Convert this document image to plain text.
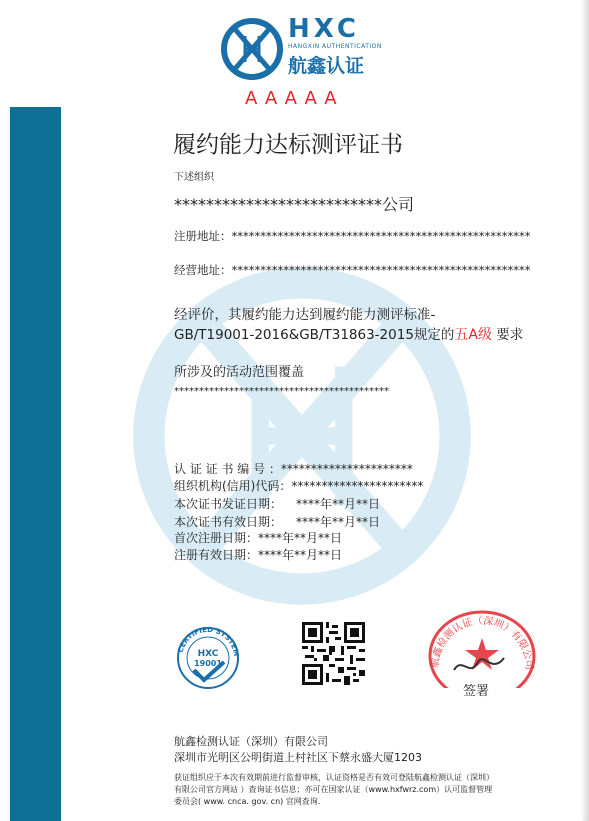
HXC
HANGXIN AUTHENTICATION
航鑫认证
AAAAA
履约能力达标测评证书
下述组织
**************************公司
注册地址：****************************************************
经营地址：****************************************************
经评价，其履约能力达到履约能力测评标准-
GB/T19001-2016&GB/T31863-2015规定的五A级 要求
所涉及的活动范围覆盖
*******************************************
认 证 证 书 编 号 ：**********************
组织机构(信用)代码：**********************
本次证书发证日期： ****年**月**日
本次证书有效日期： ****年**月**日
首次注册日期：****年**月**日
注册有效日期：****年**月**日
CERTIFIED SYSTEM
HXC
19001	航鑫检测认证（深圳）有限公司
签署
航鑫检测认证（深圳）有限公司
深圳市光明区公明街道上村社区下蔡永盛大厦1203
获证组织应于本次有效期前进行监督审核，认证资格是否有效可登陆航鑫检测认证（深圳）
有限公司官方网站 ）查询证书信息；亦可在国家认证（www.hxfwrz.com）认可监督管理
委员会( www. cnca. gov. cn) 官网查询.
